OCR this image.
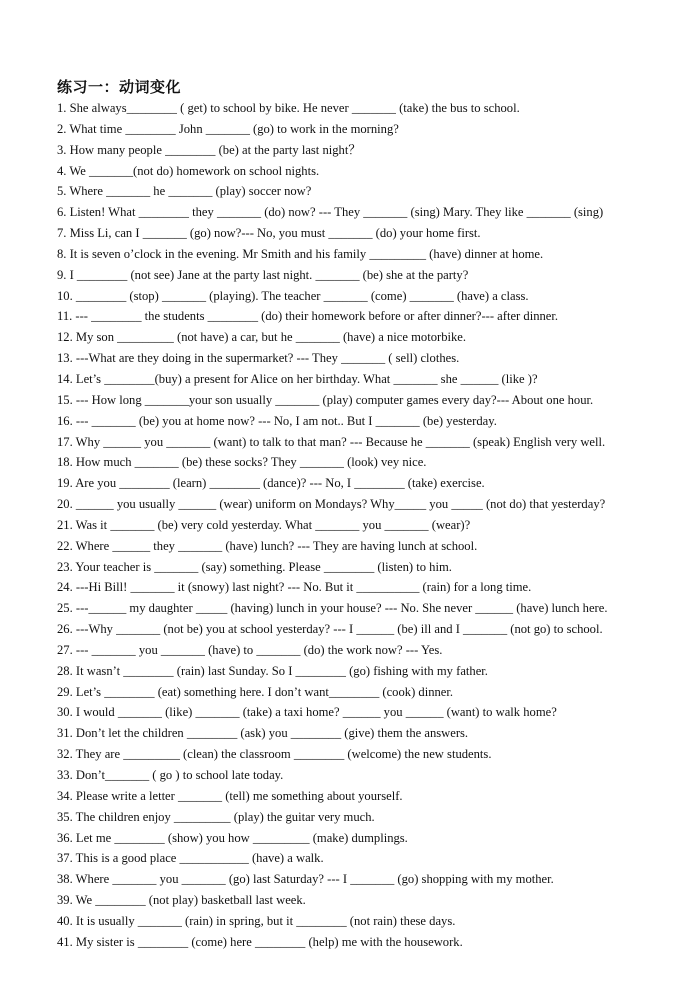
练习一：动词变化
1. She always________ ( get) to school by bike. He never _______ (take) the bus to school.
2. What time ________ John _______ (go) to work in the morning?
3. How many people ________ (be) at the party last night？
4. We _______(not do) homework on school nights.
5. Where _______ he _______ (play) soccer now?
6. Listen! What ________ they _______ (do) now? --- They _______ (sing) Mary. They like _______ (sing)
7. Miss Li, can I _______ (go) now?--- No, you must _______ (do) your home first.
8. It is seven o’clock in the evening. Mr Smith and his family _________ (have) dinner at home.
9. I ________ (not see) Jane at the party last night. _______ (be) she at the party?
10. ________ (stop) _______ (playing). The teacher _______ (come) _______ (have) a class.
11. --- ________ the students ________ (do) their homework before or after dinner?--- after dinner.
12. My son _________ (not have) a car, but he _______ (have) a nice motorbike.
13. ---What are they doing in the supermarket? --- They _______ ( sell) clothes.
14. Let’s ________(buy) a present for Alice on her birthday. What _______ she ______ (like )?
15. --- How long _______your son usually _______ (play) computer games every day?--- About one hour.
16. --- _______ (be) you at home now? --- No, I am not.. But I _______ (be) yesterday.
17. Why ______ you _______ (want) to talk to that man? --- Because he _______ (speak) English very well.
18. How much _______ (be) these socks? They _______ (look) vey nice.
19. Are you ________ (learn) ________ (dance)? --- No, I ________ (take) exercise.
20. ______ you usually ______ (wear) uniform on Mondays? Why_____ you _____ (not do) that yesterday?
21. Was it _______ (be) very cold yesterday. What _______ you _______ (wear)?
22. Where ______ they _______ (have) lunch? --- They are having lunch at school.
23. Your teacher is _______ (say) something. Please ________ (listen) to him.
24. ---Hi Bill! _______ it (snowy) last night? --- No. But it __________ (rain) for a long time.
25. ---______ my daughter _____ (having) lunch in your house? --- No. She never ______ (have) lunch here.
26. ---Why _______ (not be) you at school yesterday? --- I ______ (be) ill and I _______ (not go) to school.
27. --- _______ you _______ (have) to _______ (do) the work now? --- Yes.
28. It wasn’t ________ (rain) last Sunday. So I ________ (go) fishing with my father.
29. Let’s ________ (eat) something here. I don’t want________ (cook) dinner.
30. I would _______ (like) _______ (take) a taxi home? ______ you ______ (want) to walk home?
31. Don’t let the children ________ (ask) you ________ (give) them the answers.
32. They are _________ (clean) the classroom ________ (welcome) the new students.
33. Don’t_______ ( go ) to school late today.
34. Please write a letter _______ (tell) me something about yourself.
35. The children enjoy _________ (play) the guitar very much.
36. Let me ________ (show) you how _________ (make) dumplings.
37. This is a good place ___________ (have) a walk.
38. Where _______ you _______ (go) last Saturday? --- I _______ (go) shopping with my mother.
39. We ________ (not play) basketball last week.
40. It is usually _______ (rain) in spring, but it ________ (not rain) these days.
41. My sister is ________ (come) here ________ (help) me with the housework.
